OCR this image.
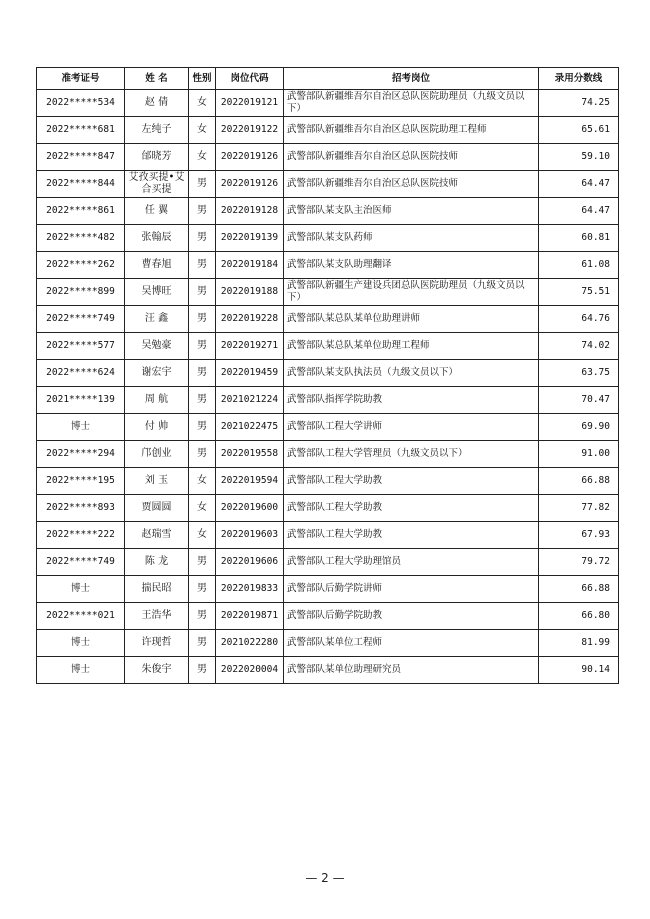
准考证号	姓 名	性别	岗位代码	招考岗位	录用分数线
2022*****534	赵 倩	女	2022019121	武警部队新疆维吾尔自治区总队医院助理员（九级文员以下）	74.25
2022*****681	左纯子	女	2022019122	武警部队新疆维吾尔自治区总队医院助理工程师	65.61
2022*****847	邰晓芳	女	2022019126	武警部队新疆维吾尔自治区总队医院技师	59.10
2022*****844	艾孜买提•艾合买提	男	2022019126	武警部队新疆维吾尔自治区总队医院技师	64.47
2022*****861	任 翼	男	2022019128	武警部队某支队主治医师	64.47
2022*****482	张翰辰	男	2022019139	武警部队某支队药师	60.81
2022*****262	曹春旭	男	2022019184	武警部队某支队助理翻译	61.08
2022*****899	吴博旺	男	2022019188	武警部队新疆生产建设兵团总队医院助理员（九级文员以下）	75.51
2022*****749	汪 鑫	男	2022019228	武警部队某总队某单位助理讲师	64.76
2022*****577	吴勉豪	男	2022019271	武警部队某总队某单位助理工程师	74.02
2022*****624	谢宏宇	男	2022019459	武警部队某支队执法员（九级文员以下）	63.75
2021*****139	周 航	男	2021021224	武警部队指挥学院助教	70.47
博士	付 帅	男	2021022475	武警部队工程大学讲师	69.90
2022*****294	邝创业	男	2022019558	武警部队工程大学管理员（九级文员以下）	91.00
2022*****195	刘 玉	女	2022019594	武警部队工程大学助教	66.88
2022*****893	贾圆圆	女	2022019600	武警部队工程大学助教	77.82
2022*****222	赵瑞雪	女	2022019603	武警部队工程大学助教	67.93
2022*****749	陈 龙	男	2022019606	武警部队工程大学助理馆员	79.72
博士	揣民昭	男	2022019833	武警部队后勤学院讲师	66.88
2022*****021	王浩华	男	2022019871	武警部队后勤学院助教	66.80
博士	许现哲	男	2021022280	武警部队某单位工程师	81.99
博士	朱俊宇	男	2022020004	武警部队某单位助理研究员	90.14
— 2 —
